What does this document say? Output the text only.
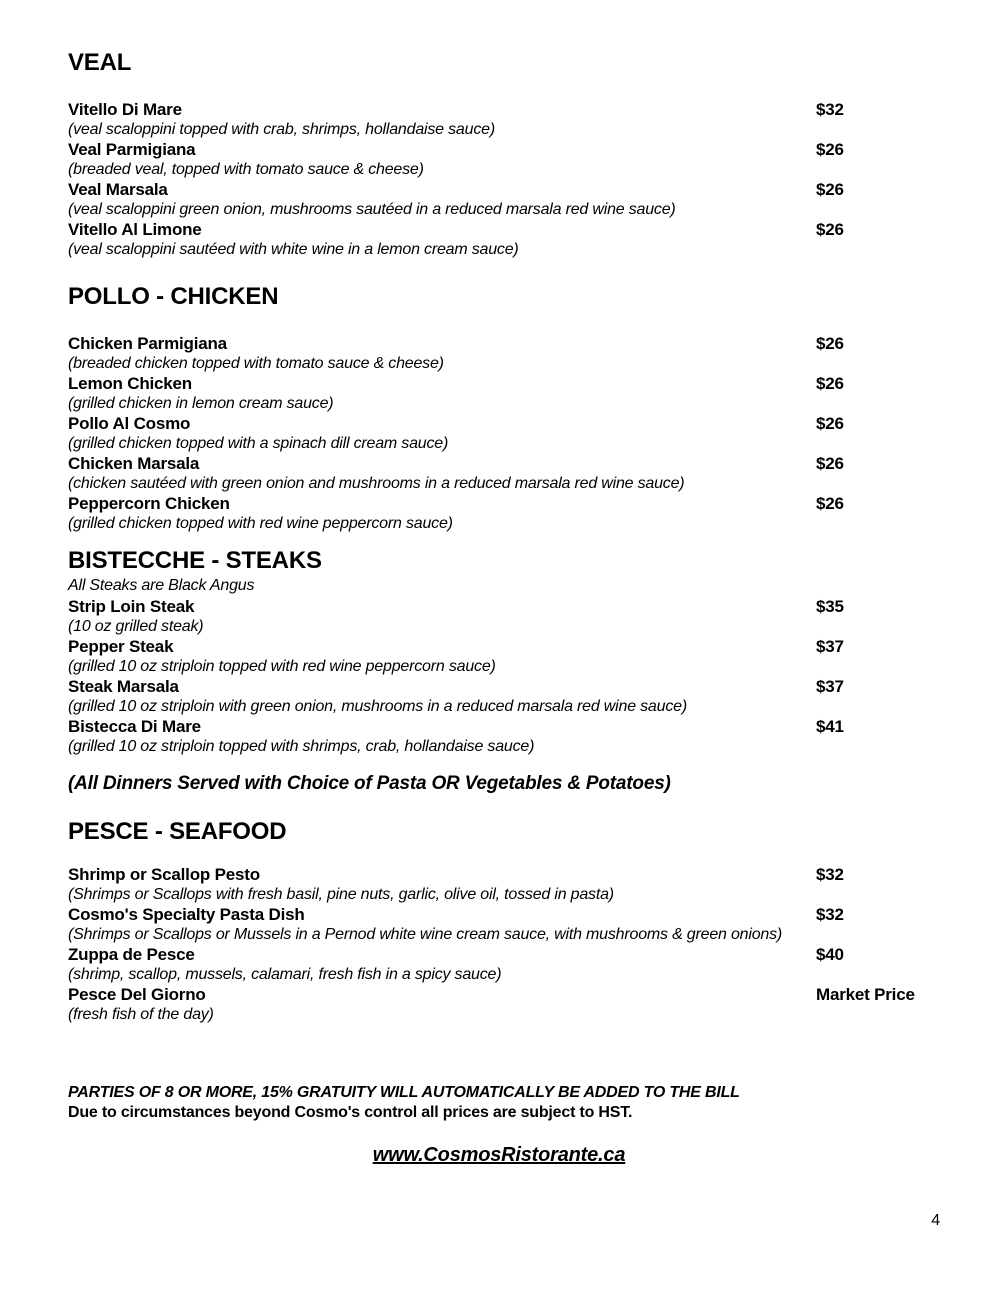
VEAL
Vitello Di Mare	$32
(veal scaloppini topped with crab, shrimps, hollandaise sauce)
Veal Parmigiana	$26
(breaded veal, topped with tomato sauce & cheese)
Veal Marsala	$26
(veal scaloppini green onion, mushrooms sautéed in a reduced marsala red wine sauce)
Vitello Al Limone	$26
(veal scaloppini sautéed with white wine in a lemon cream sauce)
POLLO - CHICKEN
Chicken Parmigiana	$26
(breaded chicken topped with tomato sauce & cheese)
Lemon Chicken	$26
(grilled chicken in lemon cream sauce)
Pollo Al Cosmo	$26
(grilled chicken topped with a spinach dill cream sauce)
Chicken Marsala	$26
(chicken sautéed with green onion and mushrooms in a reduced marsala red wine sauce)
Peppercorn Chicken	$26
(grilled chicken topped with red wine peppercorn sauce)
BISTECCHE - STEAKS
All Steaks are Black Angus
Strip Loin Steak	$35
(10 oz grilled steak)
Pepper Steak	$37
(grilled 10 oz striploin topped with red wine peppercorn sauce)
Steak Marsala	$37
(grilled 10 oz striploin with green onion, mushrooms in a reduced marsala red wine sauce)
Bistecca Di Mare	$41
(grilled 10 oz striploin topped with shrimps, crab, hollandaise sauce)
(All Dinners Served with Choice of Pasta OR Vegetables & Potatoes)
PESCE - SEAFOOD
Shrimp or Scallop Pesto	$32
(Shrimps or Scallops with fresh basil, pine nuts, garlic, olive oil, tossed in pasta)
Cosmo's Specialty Pasta Dish	$32
(Shrimps or Scallops or Mussels in a Pernod white wine cream sauce, with mushrooms & green onions)
Zuppa de Pesce	$40
(shrimp, scallop, mussels, calamari, fresh fish in a spicy sauce)
Pesce Del Giorno	Market Price
(fresh fish of the day)
PARTIES OF 8 OR MORE, 15% GRATUITY WILL AUTOMATICALLY BE ADDED TO THE BILL
Due to circumstances beyond Cosmo's control all prices are subject to HST.
www.CosmosRistorante.ca
4
